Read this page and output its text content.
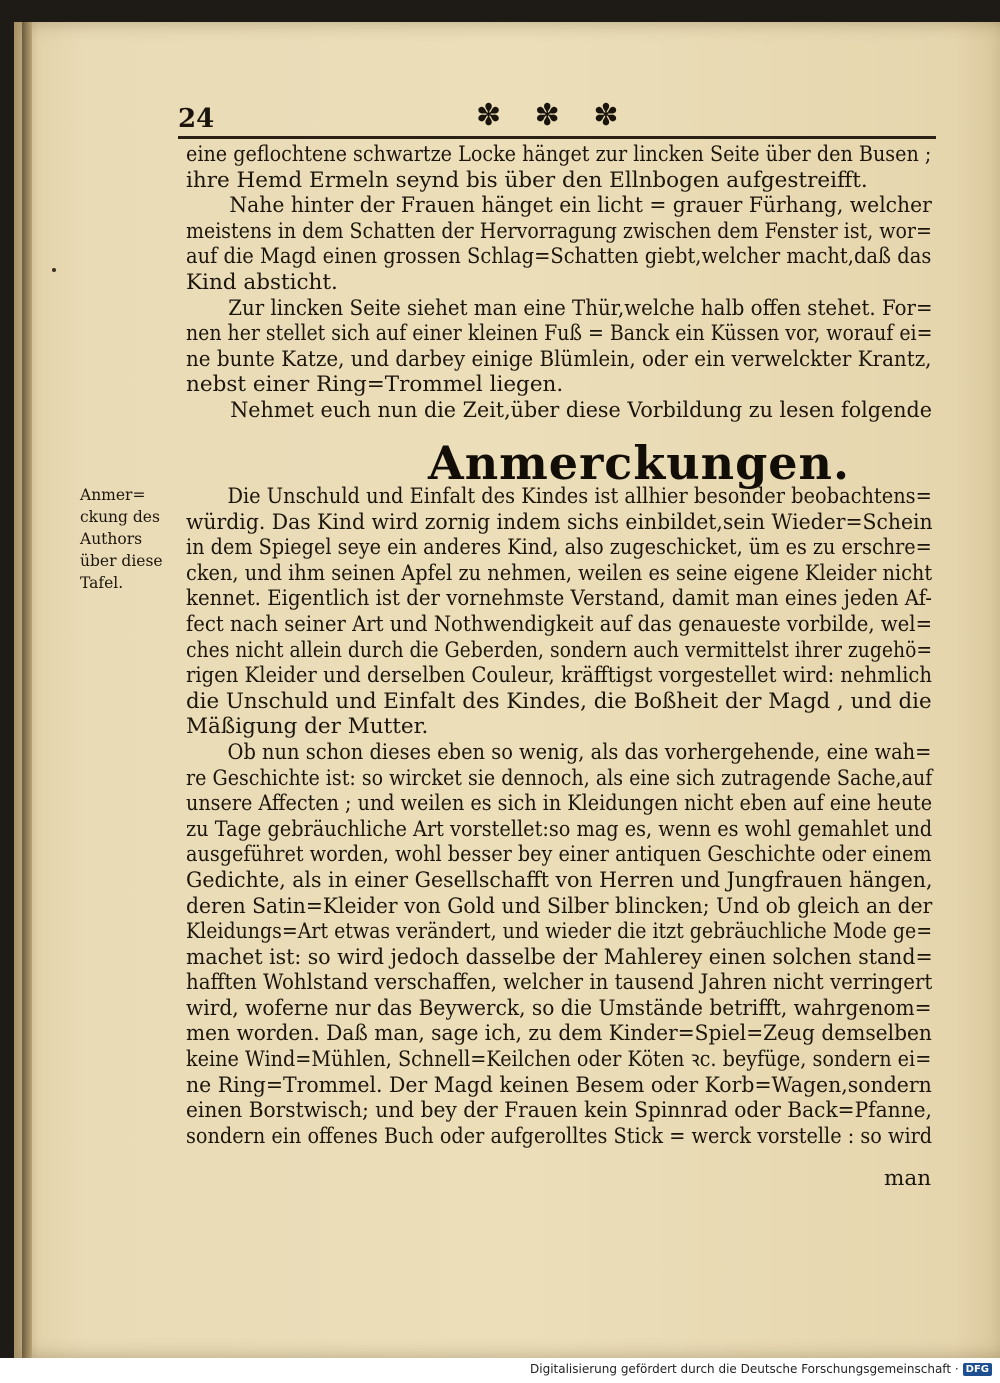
24	✽ ✽ ✽
eine geflochtene schwartze Locke hänget zur lincken Seite über den Busen ;
ihre Hemd Ermeln seynd bis über den Ellnbogen aufgestreifft.
Nahe hinter der Frauen hänget ein licht = grauer Fürhang, welcher
meistens in dem Schatten der Hervorragung zwischen dem Fenster ist, wor=
auf die Magd einen grossen Schlag=Schatten giebt,welcher macht,daß das
Kind absticht.
Zur lincken Seite siehet man eine Thür,welche halb offen stehet. For=
nen her stellet sich auf einer kleinen Fuß = Banck ein Küssen vor, worauf ei=
ne bunte Katze, und darbey einige Blümlein, oder ein verwelckter Krantz,
nebst einer Ring=Trommel liegen.
Nehmet euch nun die Zeit,über diese Vorbildung zu lesen folgende
Anmerckungen.
Anmer=
ckung des
Authors
über diese
Tafel.
Die Unschuld und Einfalt des Kindes ist allhier besonder beobachtens=
würdig. Das Kind wird zornig indem sichs einbildet,sein Wieder=Schein
in dem Spiegel seye ein anderes Kind, also zugeschicket, üm es zu erschre=
cken, und ihm seinen Apfel zu nehmen, weilen es seine eigene Kleider nicht
kennet. Eigentlich ist der vornehmste Verstand, damit man eines jeden Af-
fect nach seiner Art und Nothwendigkeit auf das genaueste vorbilde, wel=
ches nicht allein durch die Geberden, sondern auch vermittelst ihrer zugehö=
rigen Kleider und derselben Couleur, kräfftigst vorgestellet wird: nehmlich
die Unschuld und Einfalt des Kindes, die Boßheit der Magd , und die
Mäßigung der Mutter.
Ob nun schon dieses eben so wenig, als das vorhergehende, eine wah=
re Geschichte ist: so wircket sie dennoch, als eine sich zutragende Sache,auf
unsere Affecten ; und weilen es sich in Kleidungen nicht eben auf eine heute
zu Tage gebräuchliche Art vorstellet:so mag es, wenn es wohl gemahlet und
ausgeführet worden, wohl besser bey einer antiquen Geschichte oder einem
Gedichte, als in einer Gesellschafft von Herren und Jungfrauen hängen,
deren Satin=Kleider von Gold und Silber blincken; Und ob gleich an der
Kleidungs=Art etwas verändert, und wieder die itzt gebräuchliche Mode ge=
machet ist: so wird jedoch dasselbe der Mahlerey einen solchen stand=
hafften Wohlstand verschaffen, welcher in tausend Jahren nicht verringert
wird, woferne nur das Beywerck, so die Umstände betrifft, wahrgenom=
men worden. Daß man, sage ich, zu dem Kinder=Spiel=Zeug demselben
keine Wind=Mühlen, Schnell=Keilchen oder Köten ꝛc. beyfüge, sondern ei=
ne Ring=Trommel. Der Magd keinen Besem oder Korb=Wagen,sondern
einen Borstwisch; und bey der Frauen kein Spinnrad oder Back=Pfanne,
sondern ein offenes Buch oder aufgerolltes Stick = werck vorstelle : so wird
man
Digitalisierung gefördert durch die Deutsche Forschungsgemeinschaft · DFG
